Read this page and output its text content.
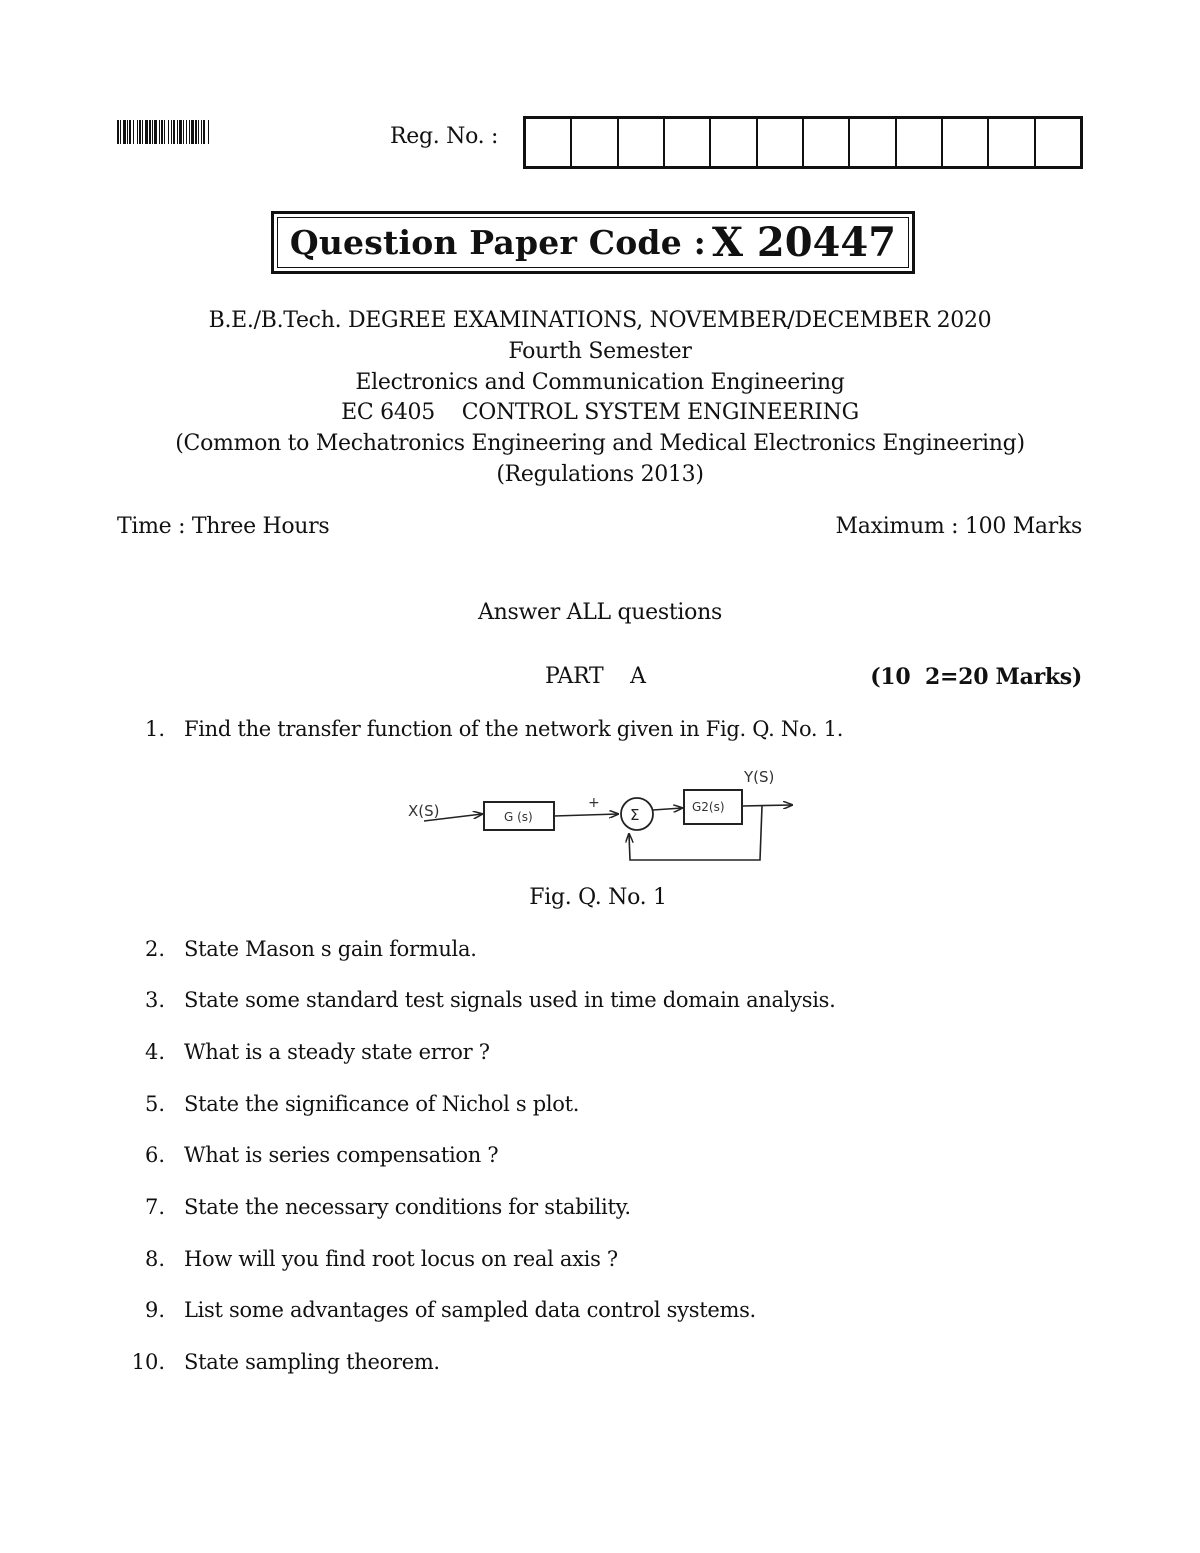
Reg. No. :
Question Paper Code : X 20447
B.E./B.Tech. DEGREE EXAMINATIONS, NOVEMBER/DECEMBER 2020
Fourth Semester
Electronics and Communication Engineering
EC 6405    CONTROL SYSTEM ENGINEERING
(Common to Mechatronics Engineering and Medical Electronics Engineering)
(Regulations 2013)
Time : Three Hours	Maximum : 100 Marks
Answer ALL questions
PART    A	(10  2=20 Marks)
1. Find the transfer function of the network given in Fig. Q. No. 1.
X(S)	G (s)
+
Σ	G2(s)
Y(S)
Fig. Q. No. 1
2. State Mason s gain formula.
3. State some standard test signals used in time domain analysis.
4. What is a steady state error ?
5. State the significance of Nichol s plot.
6. What is series compensation ?
7. State the necessary conditions for stability.
8. How will you find root locus on real axis ?
9. List some advantages of sampled data control systems.
10. State sampling theorem.
